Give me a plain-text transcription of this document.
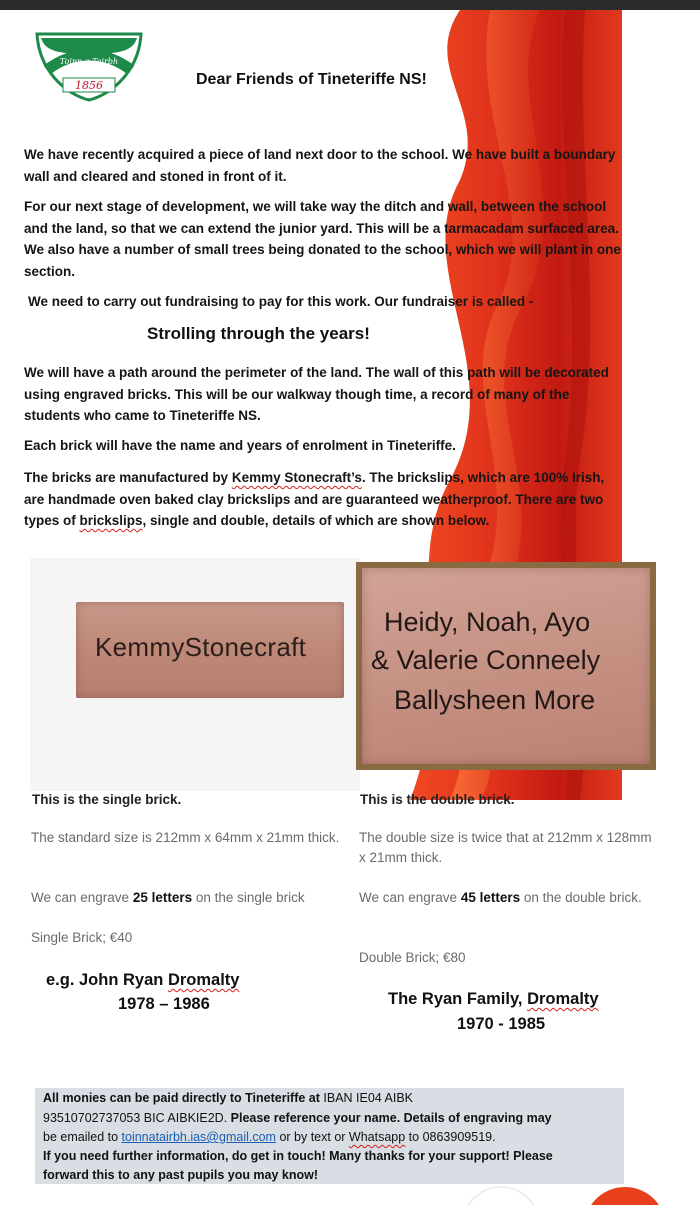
Toinn a Tairbh
1856	Dear Friends of Tineteriffe NS!
We have recently acquired a piece of land next door to the school. We have built a boundary wall and cleared and stoned in front of it.
For our next stage of development, we will take way the ditch and wall, between the school and the land, so that we can extend the junior yard. This will be a tarmacadam surfaced area. We also have a number of small trees being donated to the school, which we will plant in one section.
We need to carry out fundraising to pay for this work. Our fundraiser is called -
Strolling through the years!
We will have a path around the perimeter of the land. The wall of this path will be decorated using engraved bricks. This will be our walkway though time, a record of many of the students who came to Tineteriffe NS.
Each brick will have the name and years of enrolment in Tineteriffe.
The bricks are manufactured by Kemmy Stonecraft’s. The brickslips, which are 100% Irish, are handmade oven baked clay brickslips and are guaranteed weatherproof. There are two types of brickslips, single and double, details of which are shown below.
KemmyStonecraft
Heidy, Noah, Ayo
& Valerie Conneely
Ballysheen More
This is the single brick.
The standard size is 212mm x 64mm x 21mm thick.
We can engrave 25 letters on the single brick
Single Brick; €40
e.g. John Ryan Dromalty
1978 – 1986
This is the double brick.
The double size is twice that at 212mm x 128mm x 21mm thick.
We can engrave 45 letters on the double brick.
Double Brick; €80
The Ryan Family, Dromalty
1970 - 1985
All monies can be paid directly to Tineteriffe at IBAN IE04 AIBK
93510702737053 BIC AIBKIE2D. Please reference your name. Details of engraving may
be emailed to toinnatairbh.ias@gmail.com or by text or Whatsapp to 0863909519.
If you need further information, do get in touch! Many thanks for your support! Please
forward this to any past pupils you may know!
